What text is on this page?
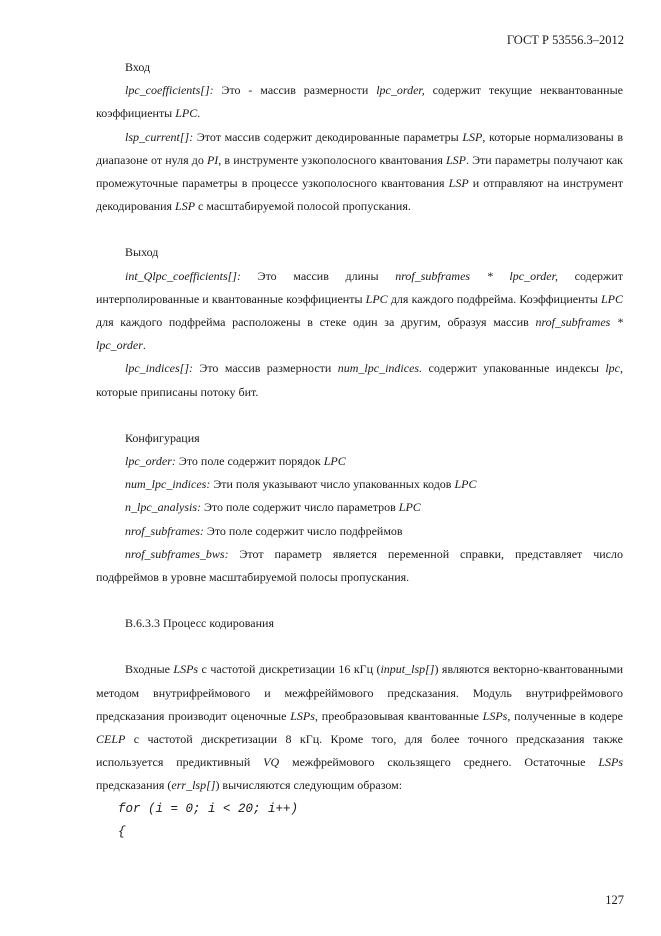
ГОСТ Р 53556.3–2012

Вход

lpc_coefficients[]: Это - массив размерности lpc_order, содержит текущие неквантованные коэффициенты LPC.

lsp_current[]: Этот массив содержит декодированные параметры LSP, которые нормализованы в диапазоне от нуля до PI, в инструменте узкополосного квантования LSP. Эти параметры получают как промежуточные параметры в процессе узкополосного квантования LSP и отправляют на инструмент декодирования LSP с масштабируемой полосой пропускания.

Выход

int_Qlpc_coefficients[]: Это массив длины nrof_subframes * lpc_order, содержит интерполированные и квантованные коэффициенты LPC для каждого подфрейма. Коэффициенты LPC для каждого подфрейма расположены в стеке один за другим, образуя массив nrof_subframes * lpc_order.

lpc_indices[]: Это массив размерности num_lpc_indices. содержит упакованные индексы lpc, которые приписаны потоку бит.

Конфигурация

lpc_order: Это поле содержит порядок LPC

num_lpc_indices: Эти поля указывают число упакованных кодов LPC

n_lpc_analysis: Это поле содержит число параметров LPC

nrof_subframes: Это поле содержит число подфреймов

nrof_subframes_bws: Этот параметр является переменной справки, представляет число подфреймов в уровне масштабируемой полосы пропускания.

В.6.3.3 Процесс кодирования

Входные LSPs с частотой дискретизации 16 кГц (input_lsp[]) являются векторно-квантованными методом внутрифреймового и межфрейймового предсказания. Модуль внутрифреймового предсказания производит оценочные LSPs, преобразовывая квантованные LSPs, полученные в кодере CELP с частотой дискретизации 8 кГц. Кроме того, для более точного предсказания также используется предиктивный VQ межфреймового скользящего среднего. Остаточные LSPs предсказания (err_lsp[]) вычисляются следующим образом:

for (i = 0; i < 20; i++)
{
127
